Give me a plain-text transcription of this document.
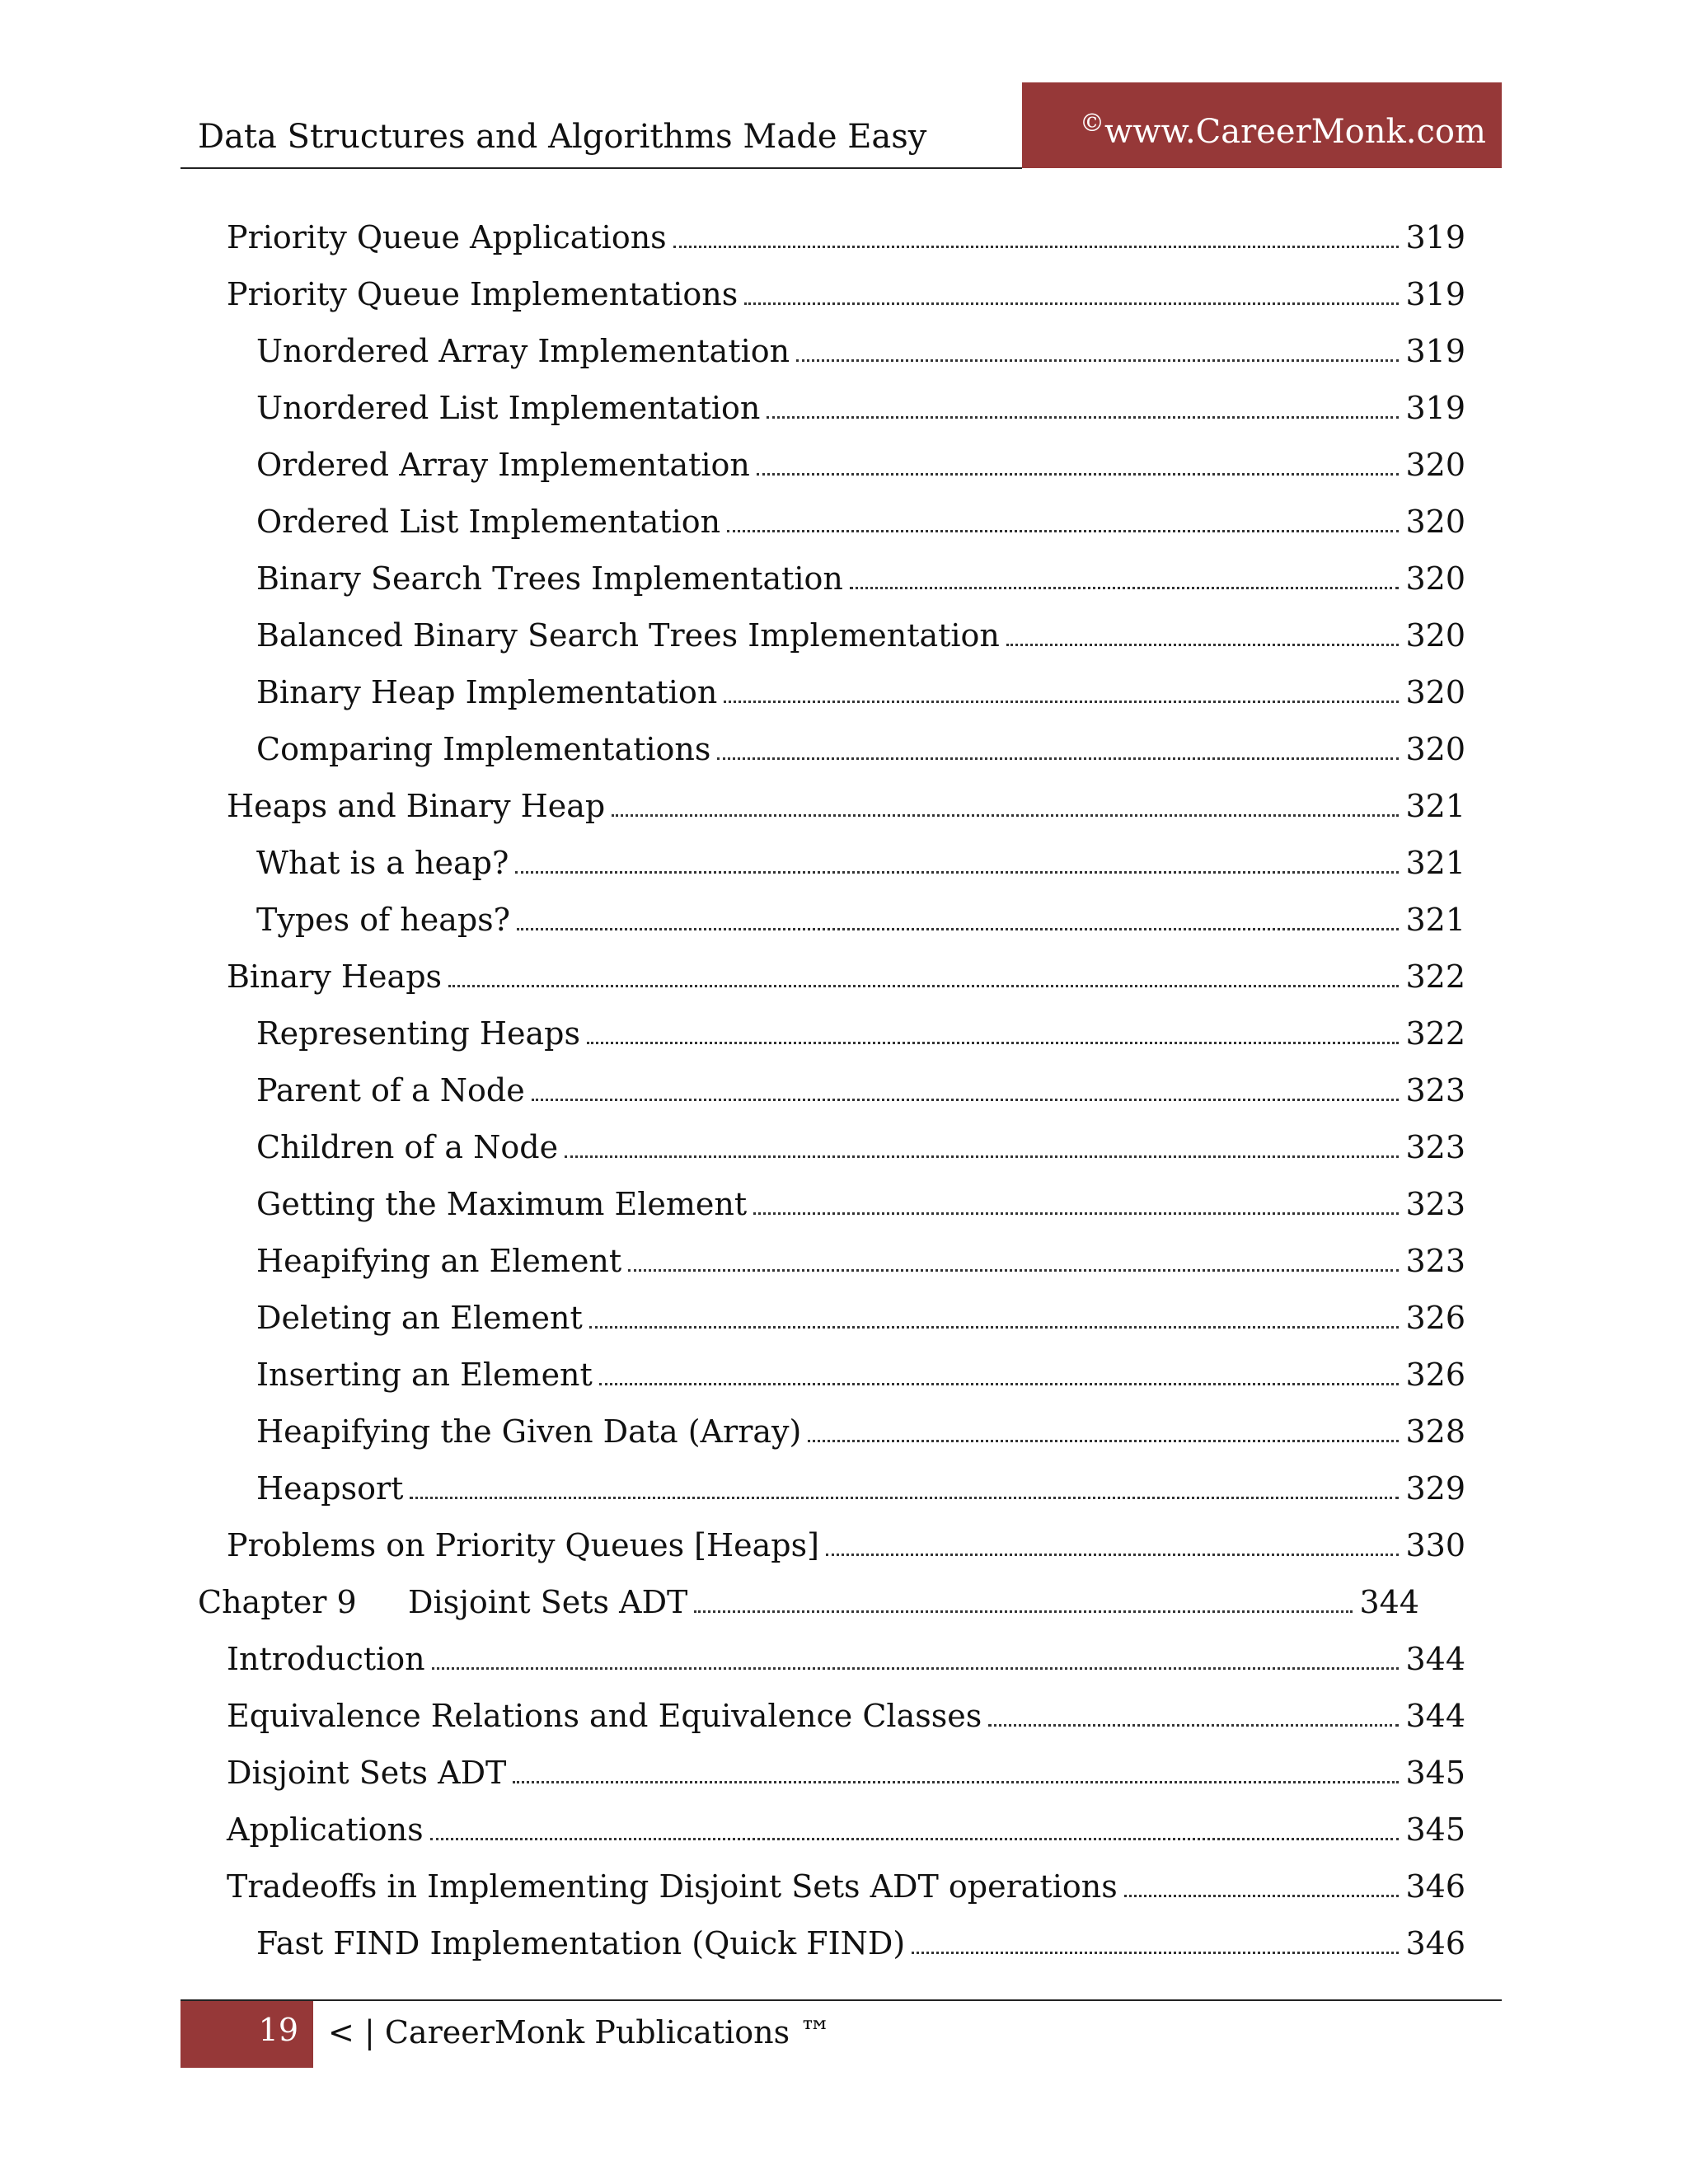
Data Structures and Algorithms Made Easy	©www.CareerMonk.com
Priority Queue Applications	319
Priority Queue Implementations	319
Unordered Array Implementation	319
Unordered List Implementation	319
Ordered Array Implementation	320
Ordered List Implementation	320
Binary Search Trees Implementation	320
Balanced Binary Search Trees Implementation	320
Binary Heap Implementation	320
Comparing Implementations	320
Heaps and Binary Heap	321
What is a heap?	321
Types of heaps?	321
Binary Heaps	322
Representing Heaps	322
Parent of a Node	323
Children of a Node	323
Getting the Maximum Element	323
Heapifying an Element	323
Deleting an Element	326
Inserting an Element	326
Heapifying the Given Data (Array)	328
Heapsort	329
Problems on Priority Queues [Heaps]	330
Chapter 9 Disjoint Sets ADT	344
Introduction	344
Equivalence Relations and Equivalence Classes	344
Disjoint Sets ADT	345
Applications	345
Tradeoffs in Implementing Disjoint Sets ADT operations	346
Fast FIND Implementation (Quick FIND)	346
19 < | CareerMonk Publications ™
